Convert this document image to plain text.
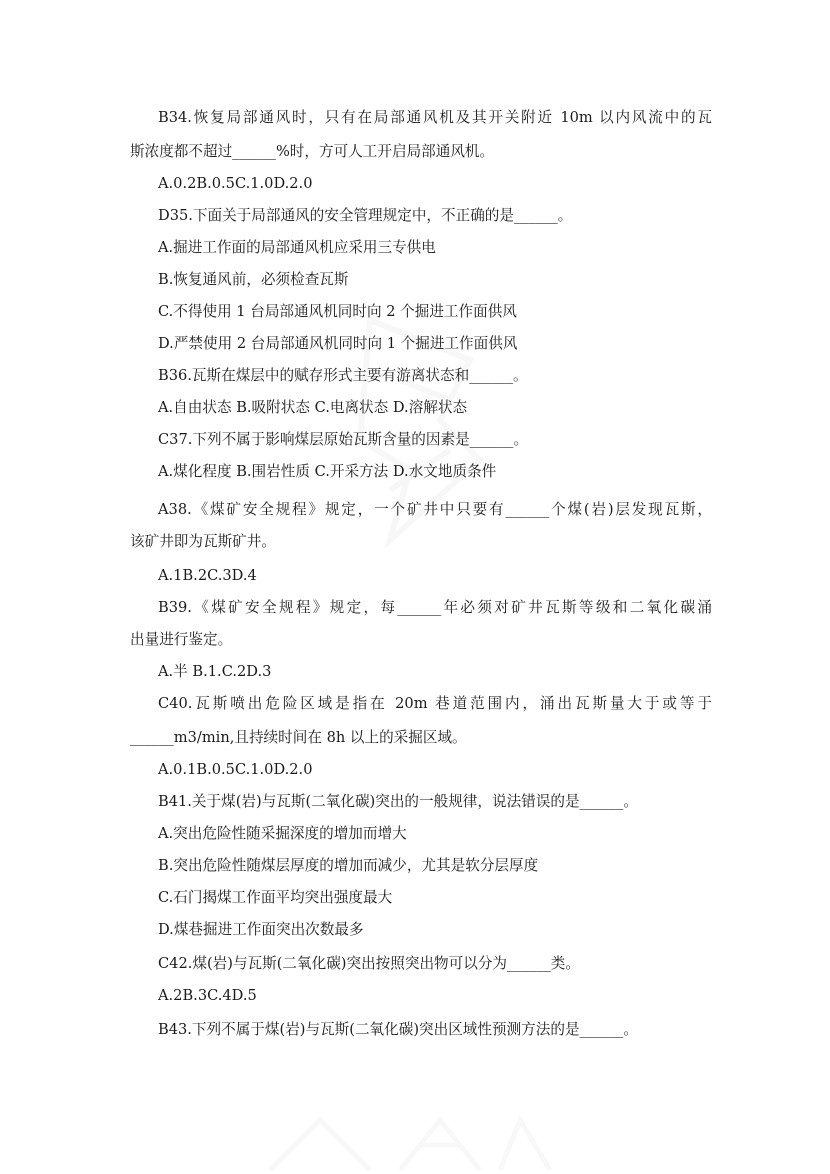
B34.恢复局部通风时，只有在局部通风机及其开关附近 10m 以内风流中的瓦

斯浓度都不超过______%时，方可人工开启局部通风机。

A.0.2B.0.5C.1.0D.2.0

D35.下面关于局部通风的安全管理规定中，不正确的是______。

A.掘进工作面的局部通风机应采用三专供电

B.恢复通风前，必须检查瓦斯

C.不得使用 1 台局部通风机同时向 2 个掘进工作面供风

D.严禁使用 2 台局部通风机同时向 1 个掘进工作面供风

B36.瓦斯在煤层中的赋存形式主要有游离状态和______。

A.自由状态 B.吸附状态 C.电离状态 D.溶解状态

C37.下列不属于影响煤层原始瓦斯含量的因素是______。

A.煤化程度 B.围岩性质 C.开采方法 D.水文地质条件

A38.《煤矿安全规程》规定，一个矿井中只要有______个煤(岩)层发现瓦斯，

该矿井即为瓦斯矿井。

A.1B.2C.3D.4

B39.《煤矿安全规程》规定，每______年必须对矿井瓦斯等级和二氧化碳涌

出量进行鉴定。

A.半 B.1.C.2D.3

C40.瓦斯喷出危险区域是指在 20m 巷道范围内，涌出瓦斯量大于或等于

______m3/min,且持续时间在 8h 以上的采掘区域。

A.0.1B.0.5C.1.0D.2.0

B41.关于煤(岩)与瓦斯(二氧化碳)突出的一般规律，说法错误的是______。

A.突出危险性随采掘深度的增加而增大

B.突出危险性随煤层厚度的增加而减少，尤其是软分层厚度

C.石门揭煤工作面平均突出强度最大

D.煤巷掘进工作面突出次数最多

C42.煤(岩)与瓦斯(二氧化碳)突出按照突出物可以分为______类。

A.2B.3C.4D.5

B43.下列不属于煤(岩)与瓦斯(二氧化碳)突出区域性预测方法的是______。
